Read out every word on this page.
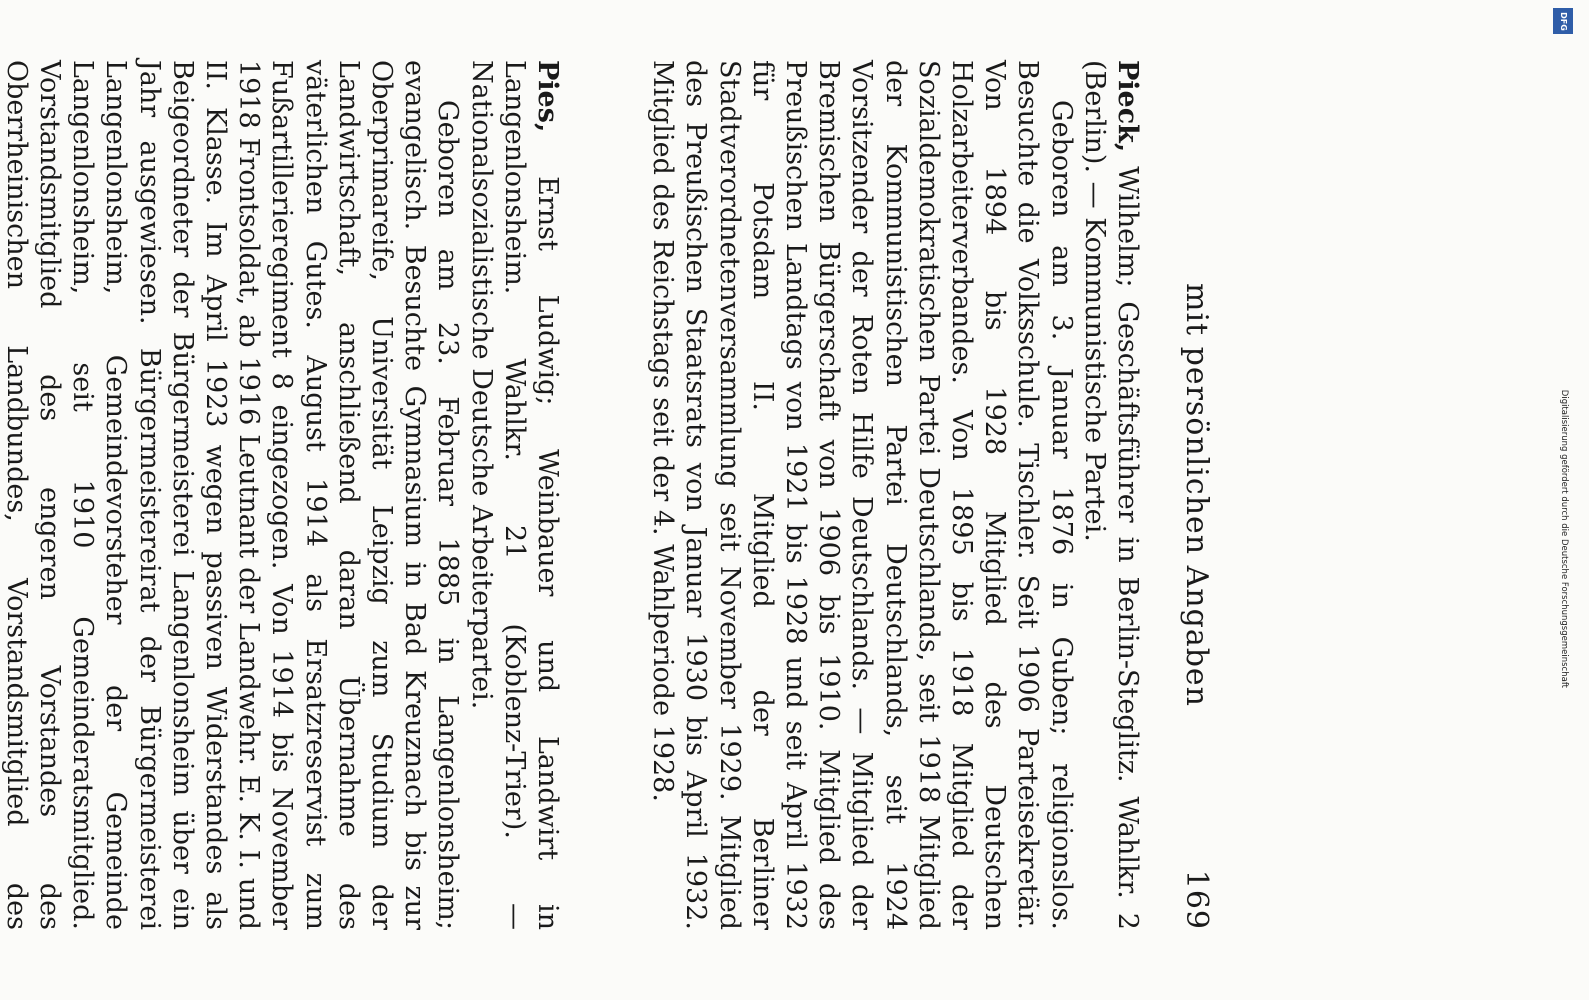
mit persönlichen Angaben
169

Pieck, Wilhelm; Geschäftsführer in Berlin-Steglitz. Wahlkr. 2 (Berlin). — Kommunistische Partei.

Geboren am 3. Januar 1876 in Guben; religionslos. Besuchte die Volksschule. Tischler. Seit 1906 Parteisekretär. Von 1894 bis 1928 Mitglied des Deutschen Holzarbeiterverbandes. Von 1895 bis 1918 Mitglied der Sozialdemokratischen Partei Deutschlands, seit 1918 Mitglied der Kommunistischen Partei Deutschlands, seit 1924 Vorsitzender der Roten Hilfe Deutschlands. — Mitglied der Bremischen Bürgerschaft von 1906 bis 1910. Mitglied des Preußischen Landtags von 1921 bis 1928 und seit April 1932 für Potsdam II. Mitglied der Berliner Stadtverordnetenversammlung seit November 1929. Mitglied des Preußischen Staatsrats von Januar 1930 bis April 1932. Mitglied des Reichstags seit der 4. Wahlperiode 1928.

Pies, Ernst Ludwig; Weinbauer und Landwirt in Langenlonsheim. Wahlkr. 21 (Koblenz-Trier). — Nationalsozialistische Deutsche Arbeiterpartei.

Geboren am 23. Februar 1885 in Langenlonsheim; evangelisch. Besuchte Gymnasium in Bad Kreuznach bis zur Oberprimareife, Universität Leipzig zum Studium der Landwirtschaft, anschließend daran Übernahme des väterlichen Gutes. August 1914 als Ersatzreservist zum Fußartillerieregiment 8 eingezogen. Von 1914 bis November 1918 Frontsoldat, ab 1916 Leutnant der Landwehr. E. K. I. und II. Klasse. Im April 1923 wegen passiven Widerstandes als Beigeordneter der Bürgermeisterei Langenlonsheim über ein Jahr ausgewiesen. Bürgermeistereirat der Bürgermeisterei Langenlonsheim, Gemeindevorsteher der Gemeinde Langenlonsheim, seit 1910 Gemeinderatsmitglied. Vorstandsmitglied des engeren Vorstandes des Oberrheinischen Landbundes, Vorstandsmitglied des

DFG
Digitalisierung gefördert durch die Deutsche Forschungsgemeinschaft
